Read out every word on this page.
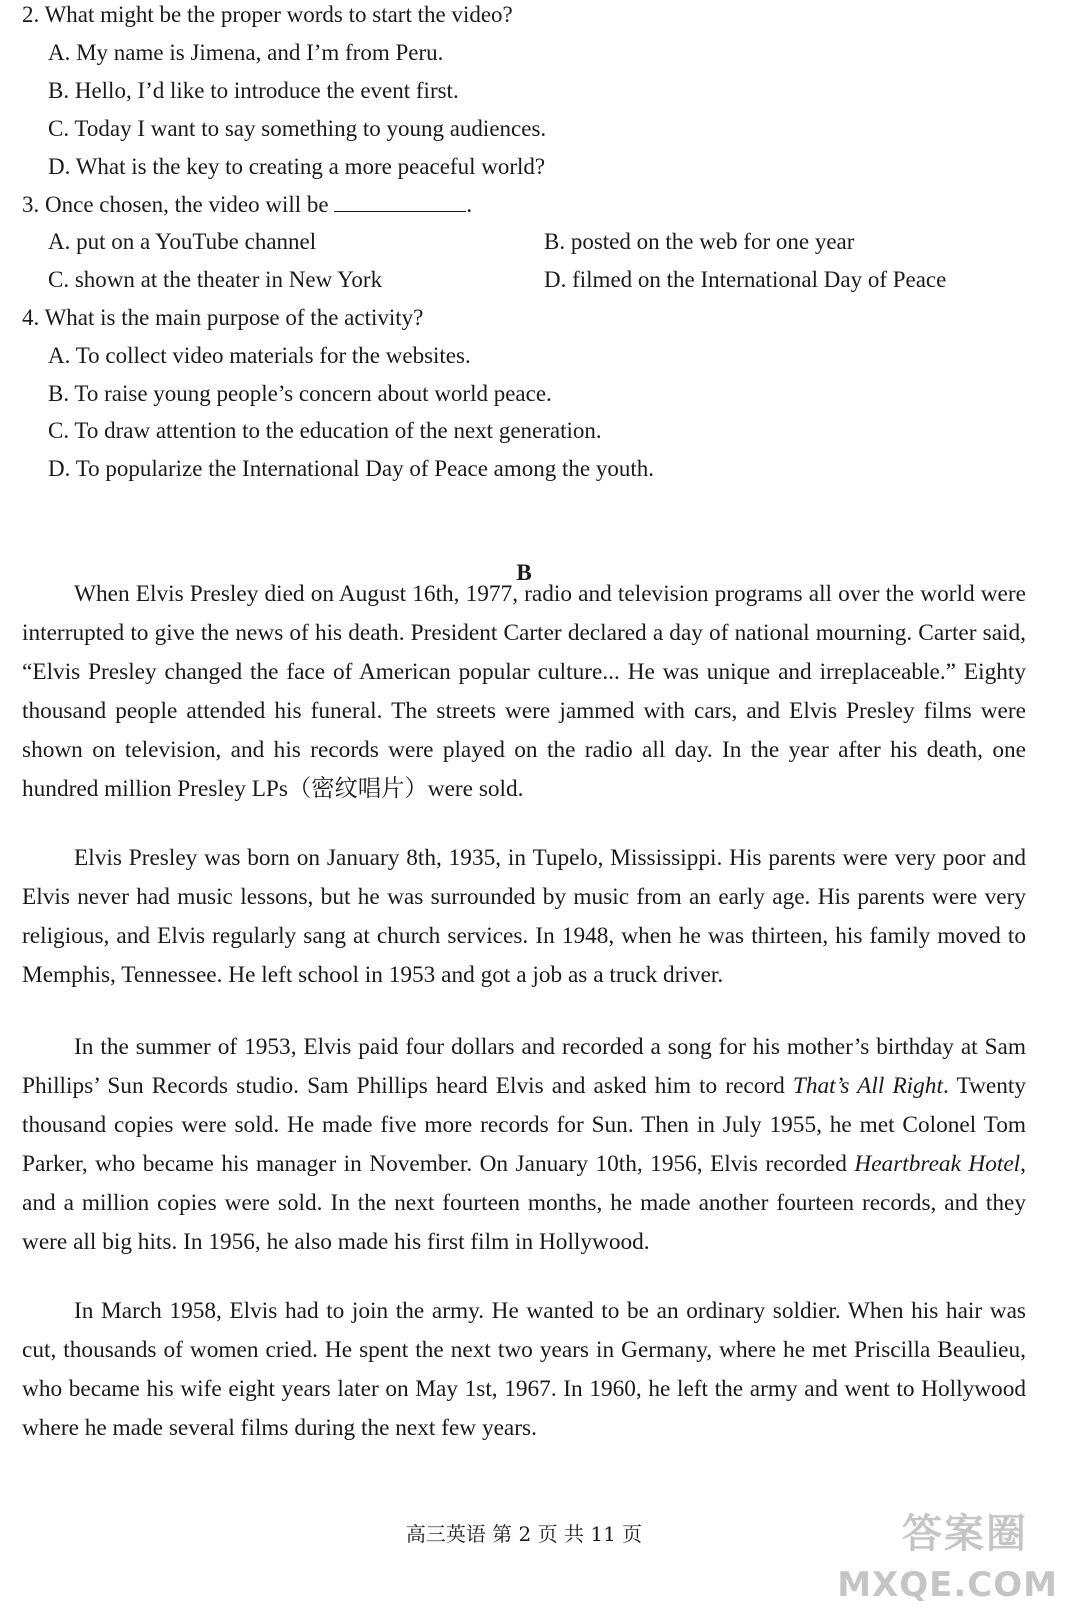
2. What might be the proper words to start the video?
A. My name is Jimena, and I’m from Peru.
B. Hello, I’d like to introduce the event first.
C. Today I want to say something to young audiences.
D. What is the key to creating a more peaceful world?
3. Once chosen, the video will be	.
A. put on a YouTube channel	B. posted on the web for one year
C. shown at the theater in New York	D. filmed on the International Day of Peace
4. What is the main purpose of the activity?
A. To collect video materials for the websites.
B. To raise young people’s concern about world peace.
C. To draw attention to the education of the next generation.
D. To popularize the International Day of Peace among the youth.
B
When Elvis Presley died on August 16th, 1977, radio and television programs all over the world were interrupted to give the news of his death. President Carter declared a day of national mourning. Carter said, “Elvis Presley changed the face of American popular culture... He was unique and irreplaceable.” Eighty thousand people attended his funeral. The streets were jammed with cars, and Elvis Presley films were shown on television, and his records were played on the radio all day. In the year after his death, one hundred million Presley LPs（密纹唱片）were sold.
Elvis Presley was born on January 8th, 1935, in Tupelo, Mississippi. His parents were very poor and Elvis never had music lessons, but he was surrounded by music from an early age. His parents were very religious, and Elvis regularly sang at church services. In 1948, when he was thirteen, his family moved to Memphis, Tennessee. He left school in 1953 and got a job as a truck driver.
In the summer of 1953, Elvis paid four dollars and recorded a song for his mother’s birthday at Sam Phillips’ Sun Records studio. Sam Phillips heard Elvis and asked him to record That’s All Right. Twenty thousand copies were sold. He made five more records for Sun. Then in July 1955, he met Colonel Tom Parker, who became his manager in November. On January 10th, 1956, Elvis recorded Heartbreak Hotel, and a million copies were sold. In the next fourteen months, he made another fourteen records, and they were all big hits. In 1956, he also made his first film in Hollywood.
In March 1958, Elvis had to join the army. He wanted to be an ordinary soldier. When his hair was cut, thousands of women cried. He spent the next two years in Germany, where he met Priscilla Beaulieu, who became his wife eight years later on May 1st, 1967. In 1960, he left the army and went to Hollywood where he made several films during the next few years.
高三英语 第 2 页 共 11 页	答案圈
MXQE.COM
